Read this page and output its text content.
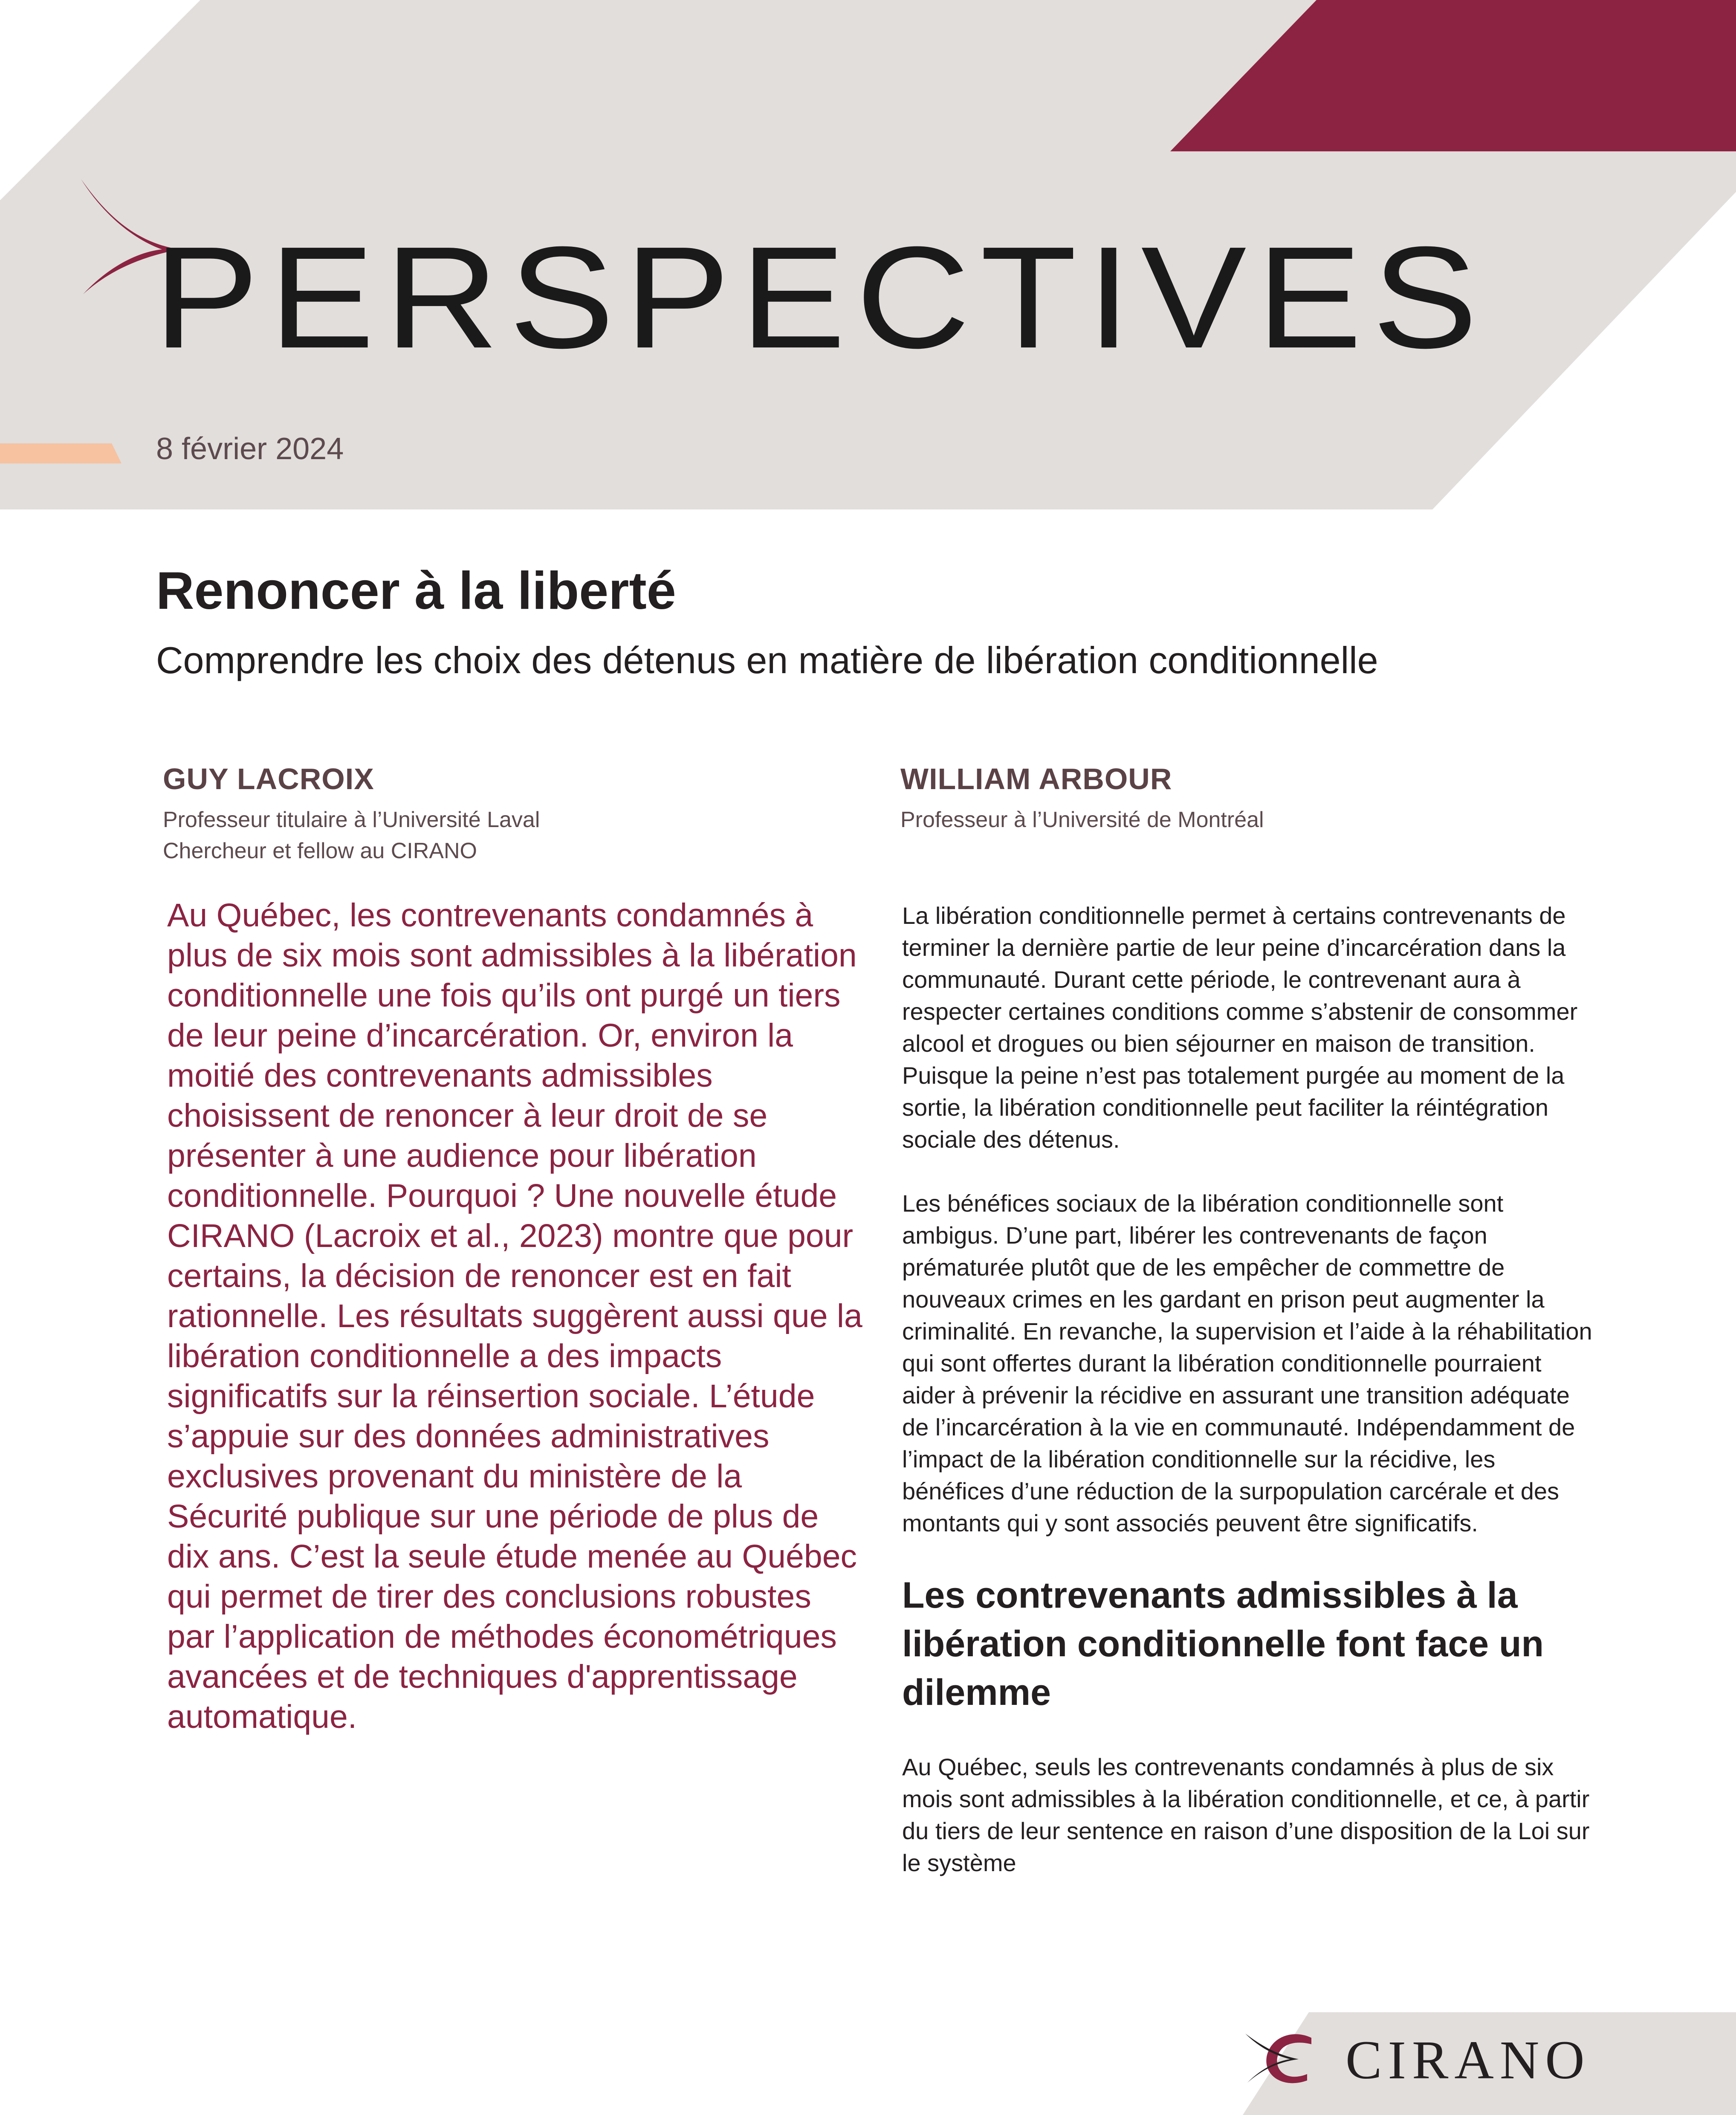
PERSPECTIVES
8 février 2024
Renoncer à la liberté
Comprendre les choix des détenus en matière de libération conditionnelle
GUY LACROIX
Professeur titulaire à l’Université Laval
Chercheur et fellow au CIRANO
WILLIAM ARBOUR
Professeur à l’Université de Montréal
Au Québec, les contrevenants condamnés à plus de six mois sont admissibles à la libération conditionnelle une fois qu’ils ont purgé un tiers de leur peine d’incarcération. Or, environ la moitié des contrevenants admissibles choisissent de renoncer à leur droit de se présenter à une audience pour libération conditionnelle. Pourquoi ? Une nouvelle étude CIRANO (Lacroix et al., 2023) montre que pour certains, la décision de renoncer est en fait rationnelle. Les résultats suggèrent aussi que la libération conditionnelle a des impacts significatifs sur la réinsertion sociale. L’étude s’appuie sur des données administratives exclusives provenant du ministère de la Sécurité publique sur une période de plus de dix ans. C’est la seule étude menée au Québec qui permet de tirer des conclusions robustes par l’application de méthodes économétriques avancées et de techniques d'apprentissage automatique.

La libération conditionnelle permet à certains contrevenants de terminer la dernière partie de leur peine d’incarcération dans la communauté. Durant cette période, le contrevenant aura à respecter certaines conditions comme s’abstenir de consommer alcool et drogues ou bien séjourner en maison de transition. Puisque la peine n’est pas totalement purgée au moment de la sortie, la libération conditionnelle peut faciliter la réintégration sociale des détenus.

Les bénéfices sociaux de la libération conditionnelle sont ambigus. D’une part, libérer les contrevenants de façon prématurée plutôt que de les empêcher de commettre de nouveaux crimes en les gardant en prison peut augmenter la criminalité. En revanche, la supervision et l’aide à la réhabilitation qui sont offertes durant la libération conditionnelle pourraient aider à prévenir la récidive en assurant une transition adéquate de l’incarcération à la vie en communauté. Indépendamment de l’impact de la libération conditionnelle sur la récidive, les bénéfices d’une réduction de la surpopulation carcérale et des montants qui y sont associés peuvent être significatifs.

Les contrevenants admissibles à la libération conditionnelle font face un dilemme

Au Québec, seuls les contrevenants condamnés à plus de six mois sont admissibles à la libération conditionnelle, et ce, à partir du tiers de leur sentence en raison d’une disposition de la Loi sur le système

CIRANO
